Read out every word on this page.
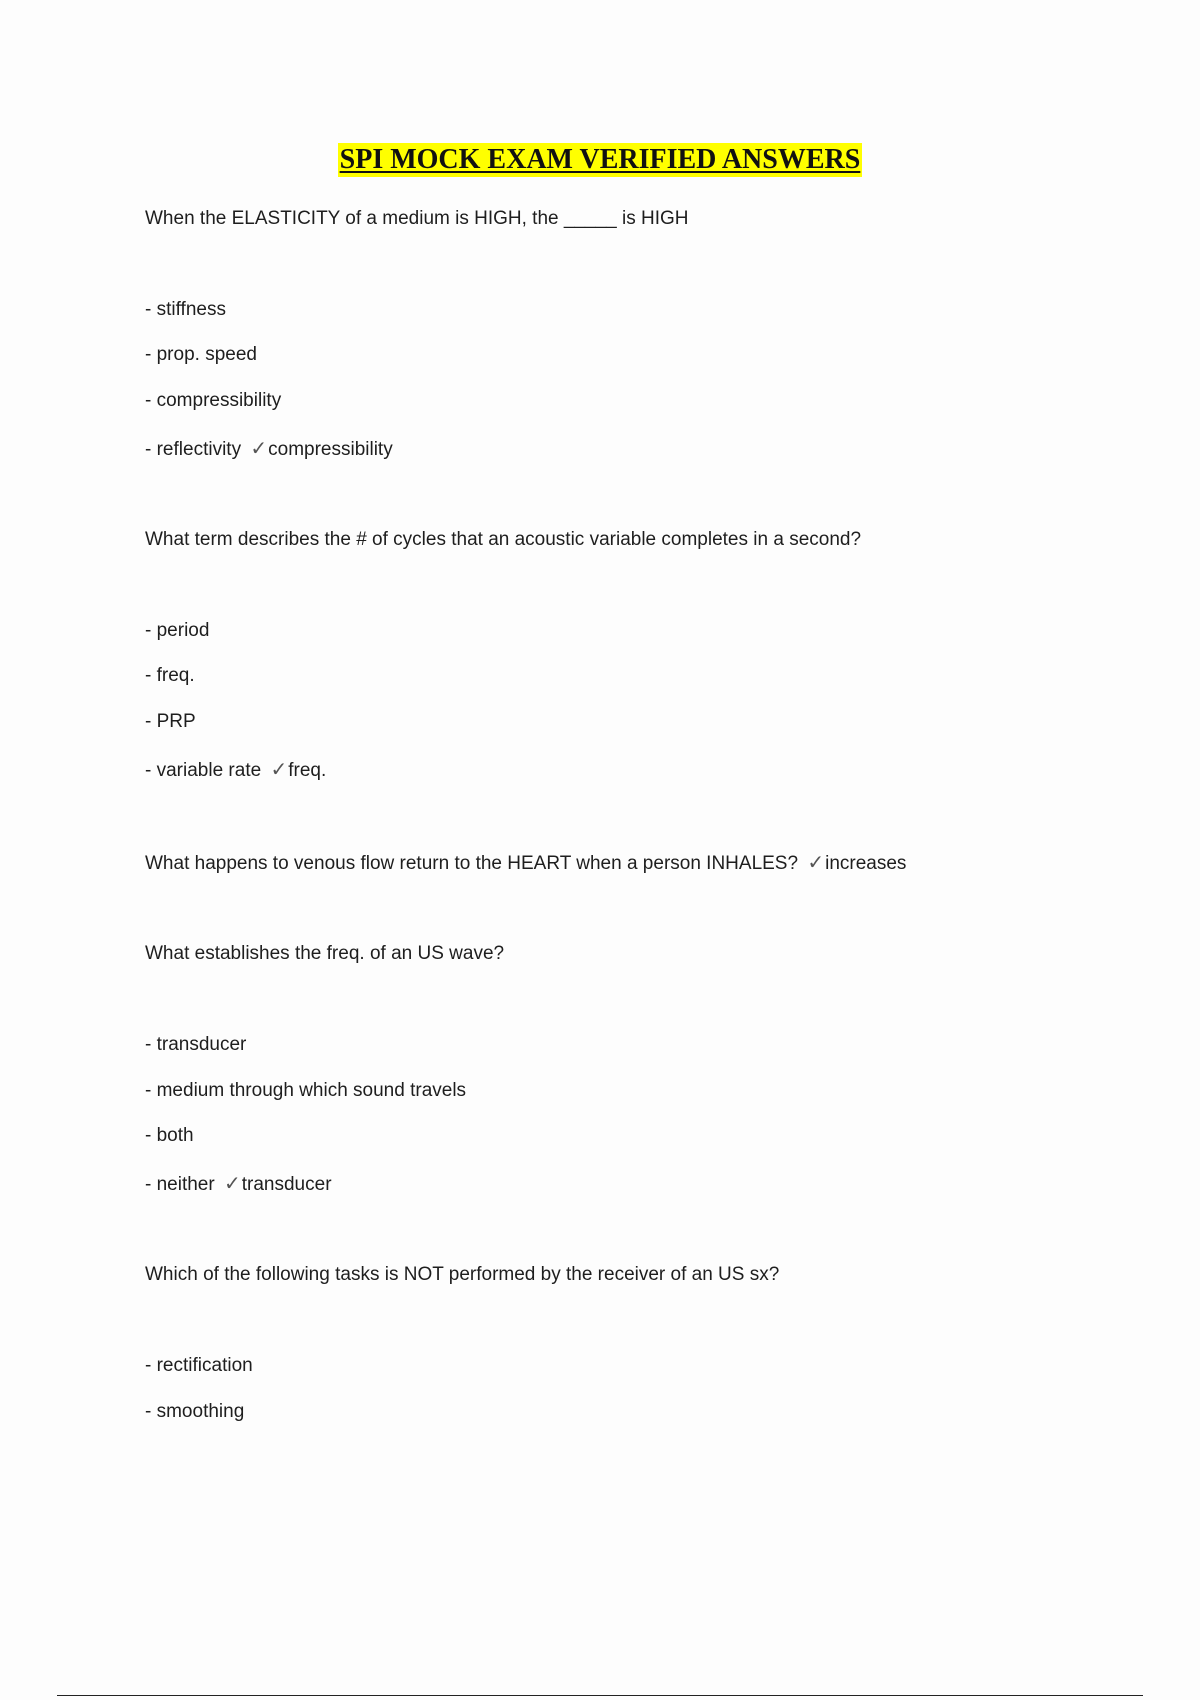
SPI MOCK EXAM VERIFIED ANSWERS
When the ELASTICITY of a medium is HIGH, the _____ is HIGH
- stiffness
- prop. speed
- compressibility
- reflectivity ✓compressibility
What term describes the # of cycles that an acoustic variable completes in a second?
- period
- freq.
- PRP
- variable rate ✓freq.
What happens to venous flow return to the HEART when a person INHALES? ✓increases
What establishes the freq. of an US wave?
- transducer
- medium through which sound travels
- both
- neither ✓transducer
Which of the following tasks is NOT performed by the receiver of an US sx?
- rectification
- smoothing
